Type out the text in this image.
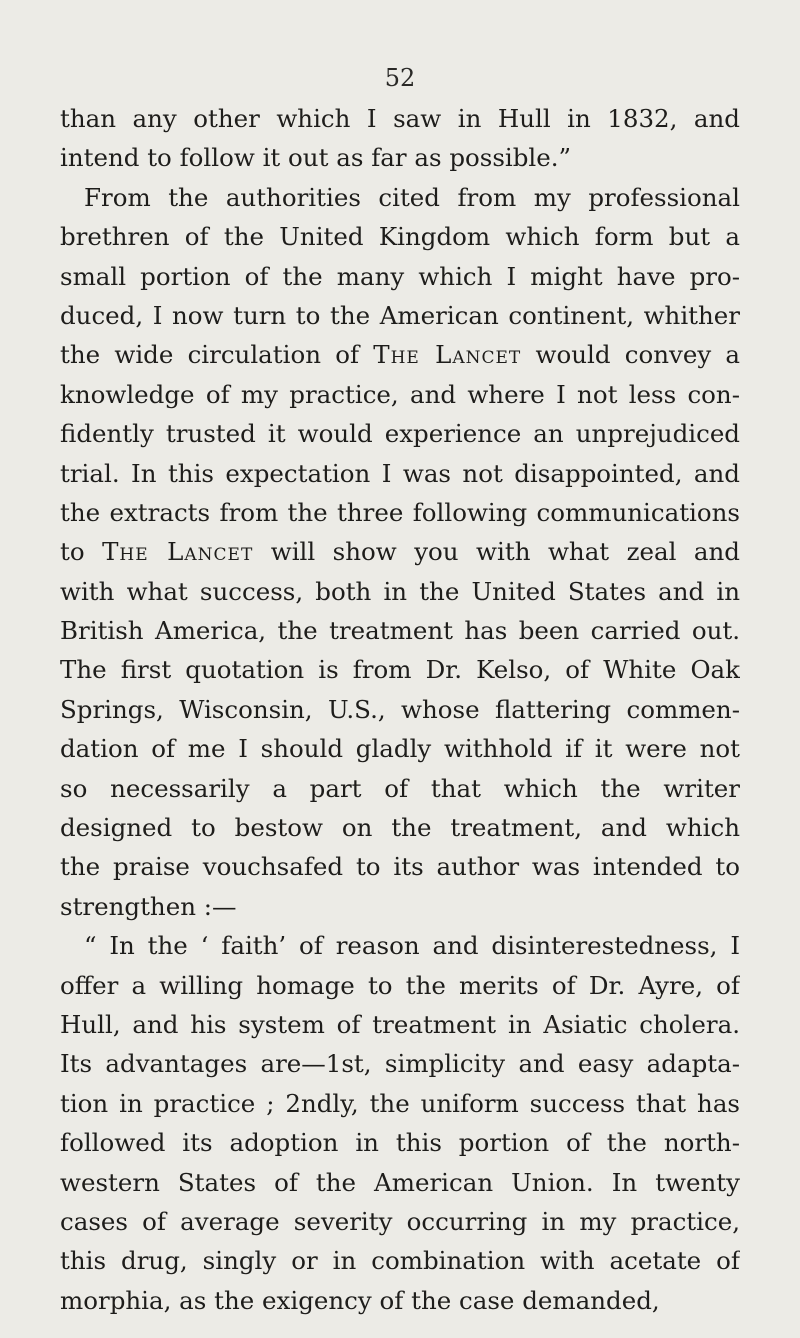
52
than any other which I saw in Hull in 1832, and
intend to follow it out as far as possible.”
From the authorities cited from my professional
brethren of the United Kingdom which form but a
small portion of the many which I might have pro-
duced, I now turn to the American continent, whither
the wide circulation of The Lancet would convey a
knowledge of my practice, and where I not less con-
fidently trusted it would experience an unprejudiced
trial. In this expectation I was not disappointed, and
the extracts from the three following communications
to The Lancet will show you with what zeal and
with what success, both in the United States and in
British America, the treatment has been carried out.
The first quotation is from Dr. Kelso, of White Oak
Springs, Wisconsin, U.S., whose flattering commen-
dation of me I should gladly withhold if it were not
so necessarily a part of that which the writer
designed to bestow on the treatment, and which
the praise vouchsafed to its author was intended to
strengthen :—
“ In the ‘ faith’ of reason and disinterestedness, I
offer a willing homage to the merits of Dr. Ayre, of
Hull, and his system of treatment in Asiatic cholera.
Its advantages are—1st, simplicity and easy adapta-
tion in practice ; 2ndly, the uniform success that has
followed its adoption in this portion of the north-
western States of the American Union. In twenty
cases of average severity occurring in my practice,
this drug, singly or in combination with acetate of
morphia, as the exigency of the case demanded,
